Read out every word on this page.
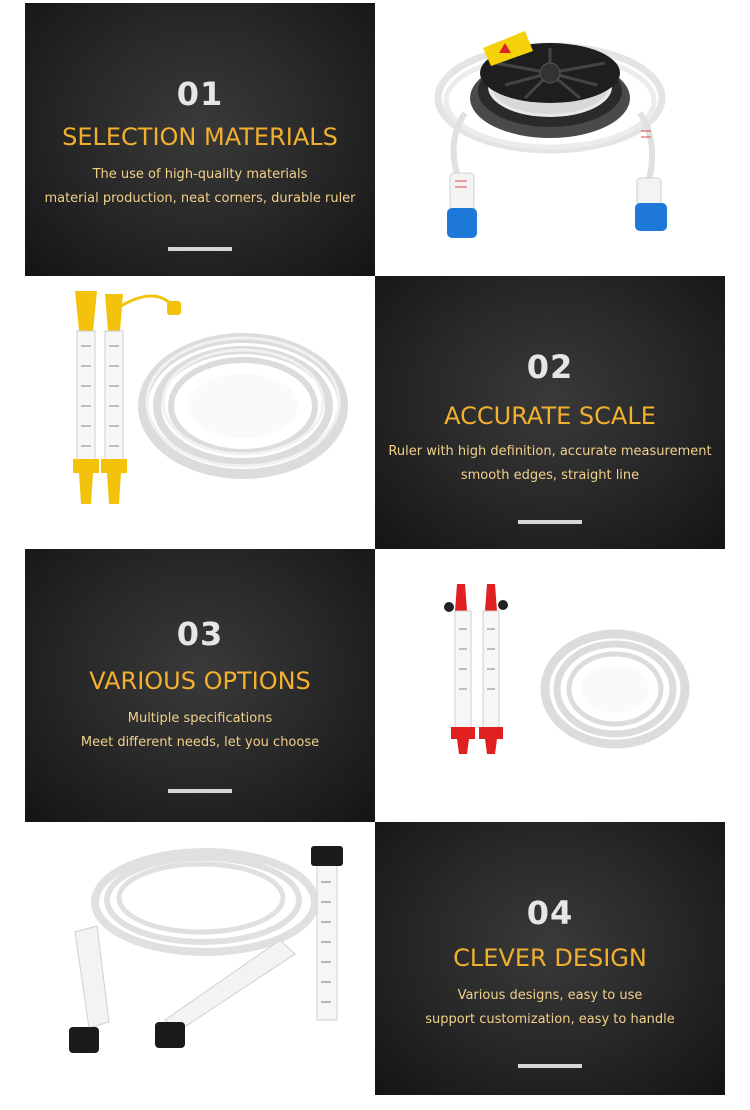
01
SELECTION MATERIALS
The use of high-quality materials
material production, neat corners, durable ruler
02
ACCURATE SCALE
Ruler with high definition, accurate measurement
smooth edges, straight line
03
VARIOUS OPTIONS
Multiple specifications
Meet different needs, let you choose
04
CLEVER DESIGN
Various designs, easy to use
support customization, easy to handle
